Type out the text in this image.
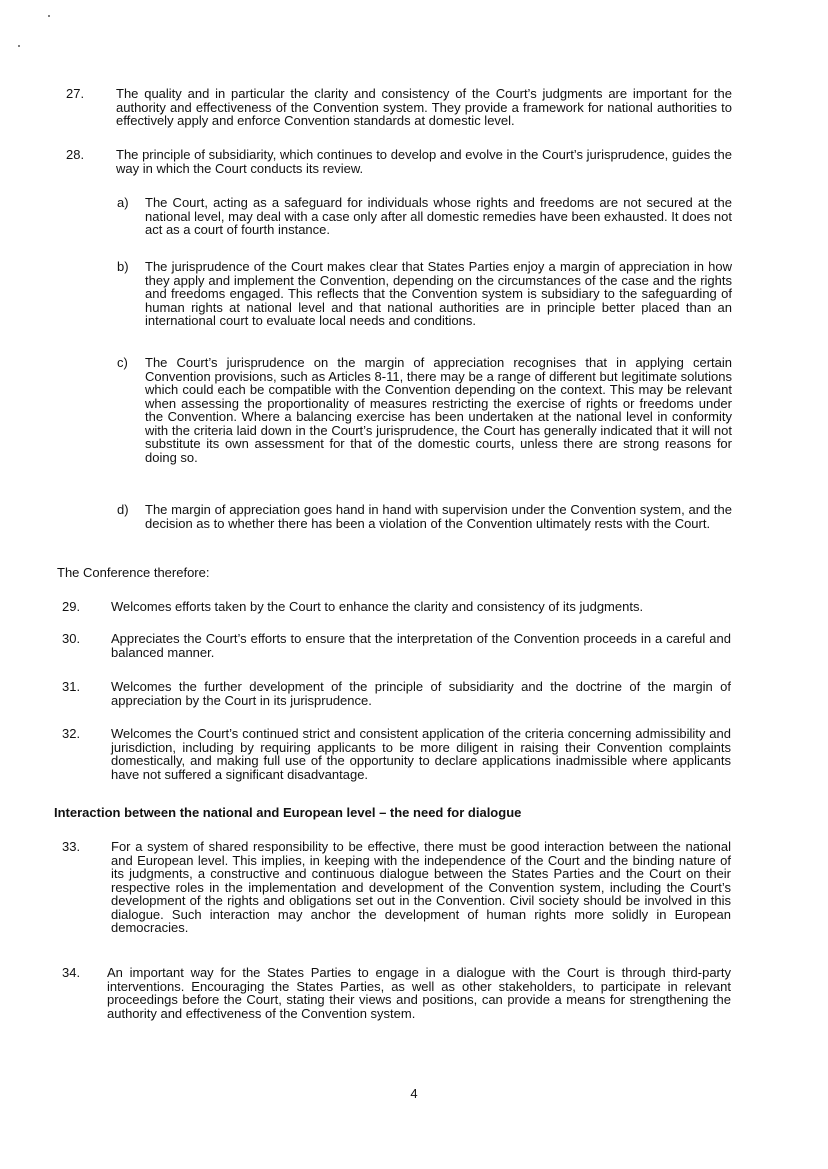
27. The quality and in particular the clarity and consistency of the Court’s judgments are important for the authority and effectiveness of the Convention system. They provide a framework for national authorities to effectively apply and enforce Convention standards at domestic level.
28. The principle of subsidiarity, which continues to develop and evolve in the Court’s jurisprudence, guides the way in which the Court conducts its review.
a) The Court, acting as a safeguard for individuals whose rights and freedoms are not secured at the national level, may deal with a case only after all domestic remedies have been exhausted. It does not act as a court of fourth instance.
b) The jurisprudence of the Court makes clear that States Parties enjoy a margin of appreciation in how they apply and implement the Convention, depending on the circumstances of the case and the rights and freedoms engaged. This reflects that the Convention system is subsidiary to the safeguarding of human rights at national level and that national authorities are in principle better placed than an international court to evaluate local needs and conditions.
c) The Court’s jurisprudence on the margin of appreciation recognises that in applying certain Convention provisions, such as Articles 8-11, there may be a range of different but legitimate solutions which could each be compatible with the Convention depending on the context. This may be relevant when assessing the proportionality of measures restricting the exercise of rights or freedoms under the Convention. Where a balancing exercise has been undertaken at the national level in conformity with the criteria laid down in the Court’s jurisprudence, the Court has generally indicated that it will not substitute its own assessment for that of the domestic courts, unless there are strong reasons for doing so.
d) The margin of appreciation goes hand in hand with supervision under the Convention system, and the decision as to whether there has been a violation of the Convention ultimately rests with the Court.
The Conference therefore:
29. Welcomes efforts taken by the Court to enhance the clarity and consistency of its judgments.
30. Appreciates the Court’s efforts to ensure that the interpretation of the Convention proceeds in a careful and balanced manner.
31. Welcomes the further development of the principle of subsidiarity and the doctrine of the margin of appreciation by the Court in its jurisprudence.
32. Welcomes the Court’s continued strict and consistent application of the criteria concerning admissibility and jurisdiction, including by requiring applicants to be more diligent in raising their Convention complaints domestically, and making full use of the opportunity to declare applications inadmissible where applicants have not suffered a significant disadvantage.
Interaction between the national and European level – the need for dialogue
33. For a system of shared responsibility to be effective, there must be good interaction between the national and European level. This implies, in keeping with the independence of the Court and the binding nature of its judgments, a constructive and continuous dialogue between the States Parties and the Court on their respective roles in the implementation and development of the Convention system, including the Court’s development of the rights and obligations set out in the Convention. Civil society should be involved in this dialogue. Such interaction may anchor the development of human rights more solidly in European democracies.
34. An important way for the States Parties to engage in a dialogue with the Court is through third-party interventions. Encouraging the States Parties, as well as other stakeholders, to participate in relevant proceedings before the Court, stating their views and positions, can provide a means for strengthening the authority and effectiveness of the Convention system.
4
